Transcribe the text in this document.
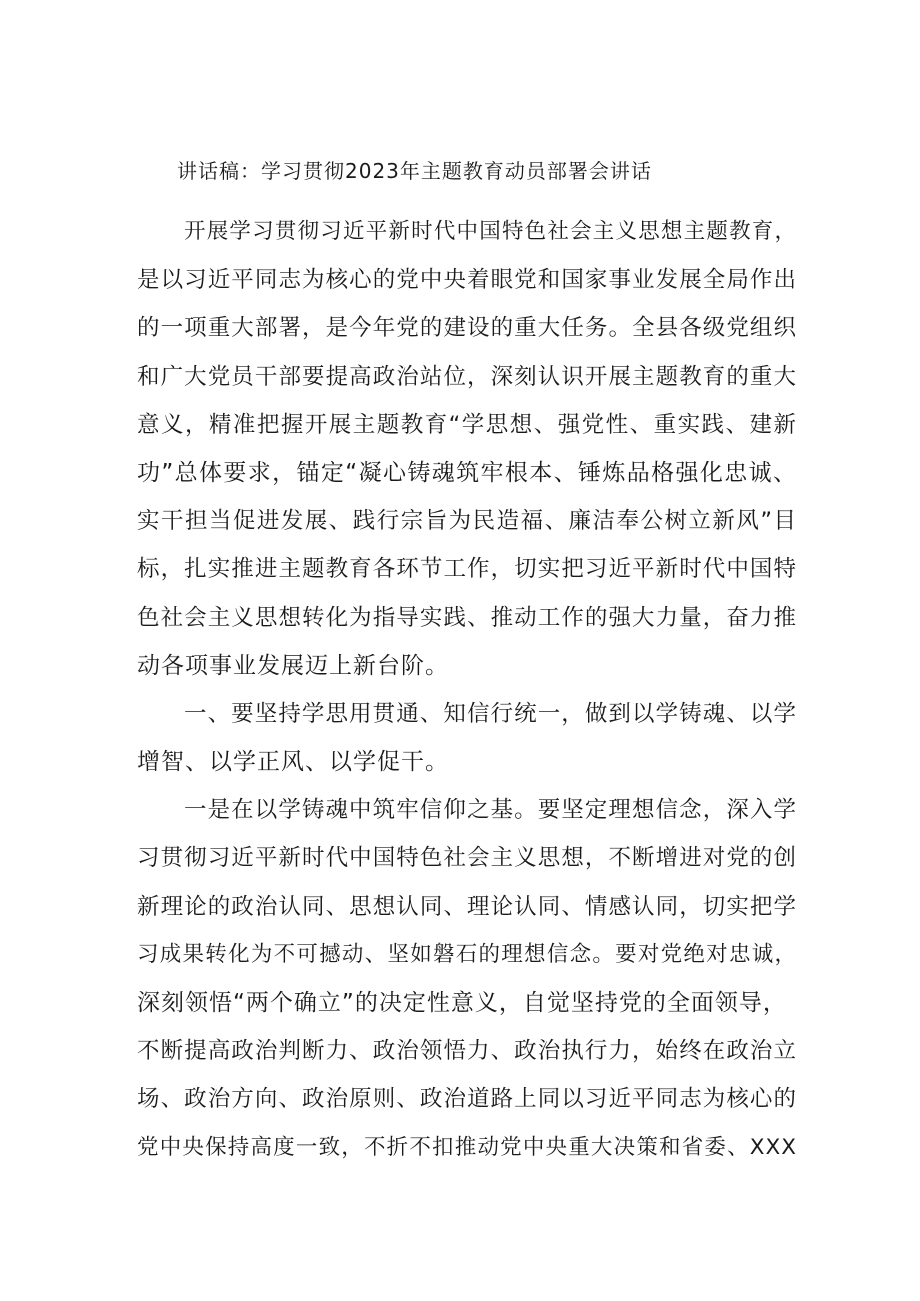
讲话稿：学习贯彻2023年主题教育动员部署会讲话
开展学习贯彻习近平新时代中国特色社会主义思想主题教育，
是以习近平同志为核心的党中央着眼党和国家事业发展全局作出
的一项重大部署，是今年党的建设的重大任务。全县各级党组织
和广大党员干部要提高政治站位，深刻认识开展主题教育的重大
意义，精准把握开展主题教育“学思想、强党性、重实践、建新
功”总体要求，锚定“凝心铸魂筑牢根本、锤炼品格强化忠诚、
实干担当促进发展、践行宗旨为民造福、廉洁奉公树立新风”目
标，扎实推进主题教育各环节工作，切实把习近平新时代中国特
色社会主义思想转化为指导实践、推动工作的强大力量，奋力推
动各项事业发展迈上新台阶。
一、要坚持学思用贯通、知信行统一，做到以学铸魂、以学
增智、以学正风、以学促干。
一是在以学铸魂中筑牢信仰之基。要坚定理想信念，深入学
习贯彻习近平新时代中国特色社会主义思想，不断增进对党的创
新理论的政治认同、思想认同、理论认同、情感认同，切实把学
习成果转化为不可撼动、坚如磐石的理想信念。要对党绝对忠诚，
深刻领悟“两个确立”的决定性意义，自觉坚持党的全面领导，
不断提高政治判断力、政治领悟力、政治执行力，始终在政治立
场、政治方向、政治原则、政治道路上同以习近平同志为核心的
党中央保持高度一致，不折不扣推动党中央重大决策和省委、XXX
